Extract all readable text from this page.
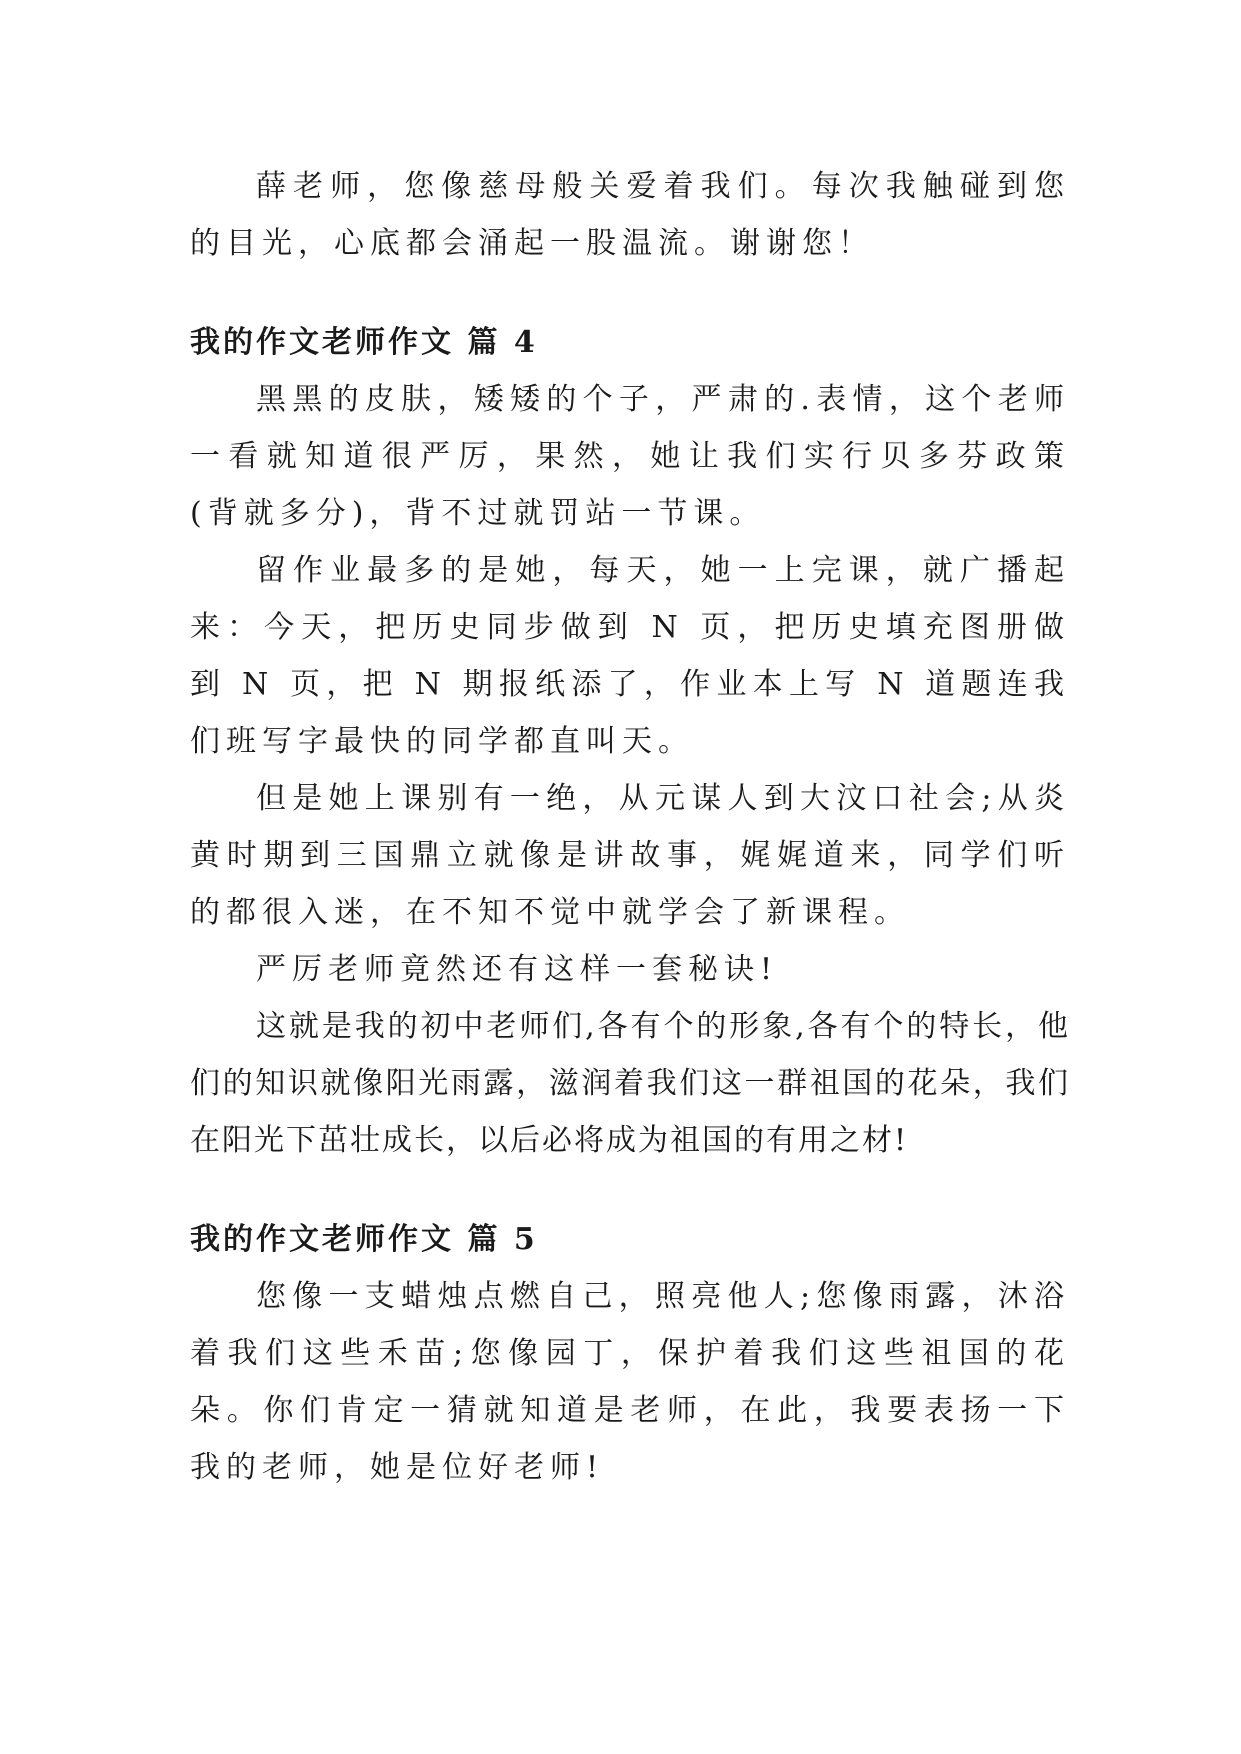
薛老师，您像慈母般关爱着我们。每次我触碰到您的目光，心底都会涌起一股温流。谢谢您！

我的作文老师作文 篇 4

黑黑的皮肤，矮矮的个子，严肃的.表情，这个老师一看就知道很严厉，果然，她让我们实行贝多芬政策(背就多分)，背不过就罚站一节课。

留作业最多的是她，每天，她一上完课，就广播起来：今天，把历史同步做到 N 页，把历史填充图册做到 N 页，把 N 期报纸添了，作业本上写 N 道题连我们班写字最快的同学都直叫天。

但是她上课别有一绝，从元谋人到大汶口社会;从炎黄时期到三国鼎立就像是讲故事，娓娓道来，同学们听的都很入迷，在不知不觉中就学会了新课程。

严厉老师竟然还有这样一套秘诀!

这就是我的初中老师们,各有个的形象,各有个的特长，他们的知识就像阳光雨露，滋润着我们这一群祖国的花朵，我们在阳光下茁壮成长，以后必将成为祖国的有用之材!

我的作文老师作文 篇 5

您像一支蜡烛点燃自己，照亮他人;您像雨露，沐浴着我们这些禾苗;您像园丁，保护着我们这些祖国的花朵。你们肯定一猜就知道是老师，在此，我要表扬一下我的老师，她是位好老师!
